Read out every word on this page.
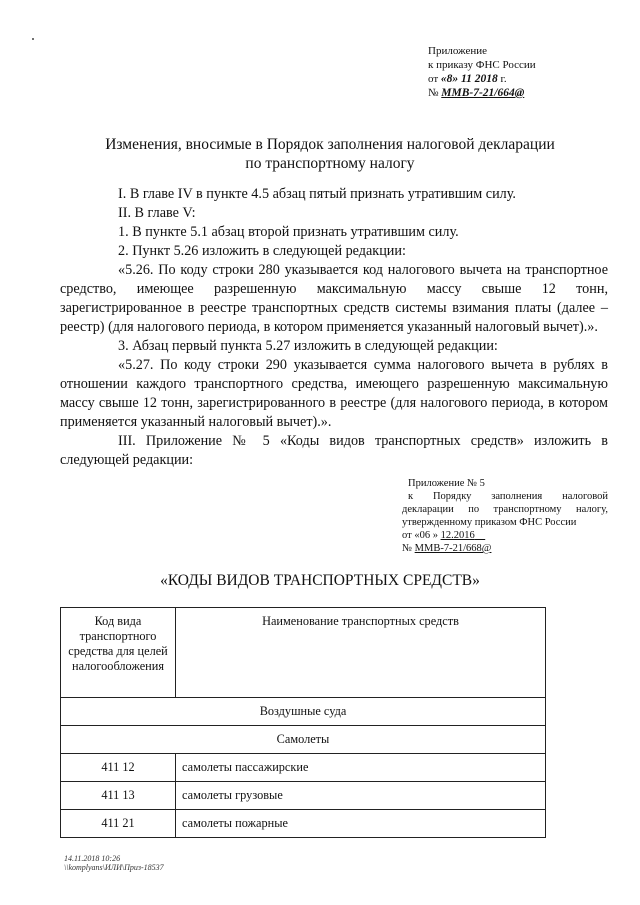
Приложение
к приказу ФНС России
от «8» 11 2018 г.
№ ММВ-7-21/664@
Изменения, вносимые в Порядок заполнения налоговой декларации
по транспортному налогу

I. В главе IV в пункте 4.5 абзац пятый признать утратившим силу.

II. В главе V:

1. В пункте 5.1 абзац второй признать утратившим силу.

2. Пункт 5.26 изложить в следующей редакции:

«5.26. По коду строки 280 указывается код налогового вычета на транспортное средство, имеющее разрешенную максимальную массу свыше 12 тонн, зарегистрированное в реестре транспортных средств системы взимания платы (далее – реестр) (для налогового периода, в котором применяется указанный налоговый вычет).».

3. Абзац первый пункта 5.27 изложить в следующей редакции:

«5.27. По коду строки 290 указывается сумма налогового вычета в рублях в отношении каждого транспортного средства, имеющего разрешенную максимальную массу свыше 12 тонн, зарегистрированного в реестре (для налогового периода, в котором применяется указанный налоговый вычет).».

III. Приложение № 5 «Коды видов транспортных средств» изложить в следующей редакции:

Приложение № 5

к Порядку заполнения налоговой декларации по транспортному налогу, утвержденному приказом ФНС России

от «06 » 12.2016

№ ММВ-7-21/668@

«КОДЫ ВИДОВ ТРАНСПОРТНЫХ СРЕДСТВ»
Код вида транспортного средства для целей налогообложения	Наименование транспортных средств
Воздушные суда	
Самолеты	
411 12	самолеты пассажирские
411 13	самолеты грузовые
411 21	самолеты пожарные
14.11.2018 10:26
\\komplyans\ИЛИ\Приз-18537
